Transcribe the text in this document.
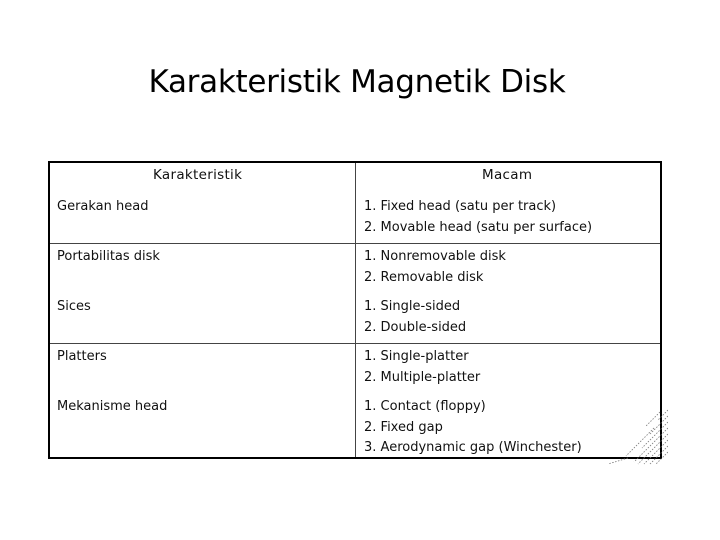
Karakteristik Magnetik Disk
Karakteristik	Macam
Gerakan head	1. Fixed head (satu per track)
2. Movable head (satu per surface)
Portabilitas disk	1. Nonremovable disk
2. Removable disk
Sices	1. Single-sided
2. Double-sided
Platters	1. Single-platter
2. Multiple-platter
Mekanisme head	1. Contact (floppy)
2. Fixed gap
3. Aerodynamic gap (Winchester)
